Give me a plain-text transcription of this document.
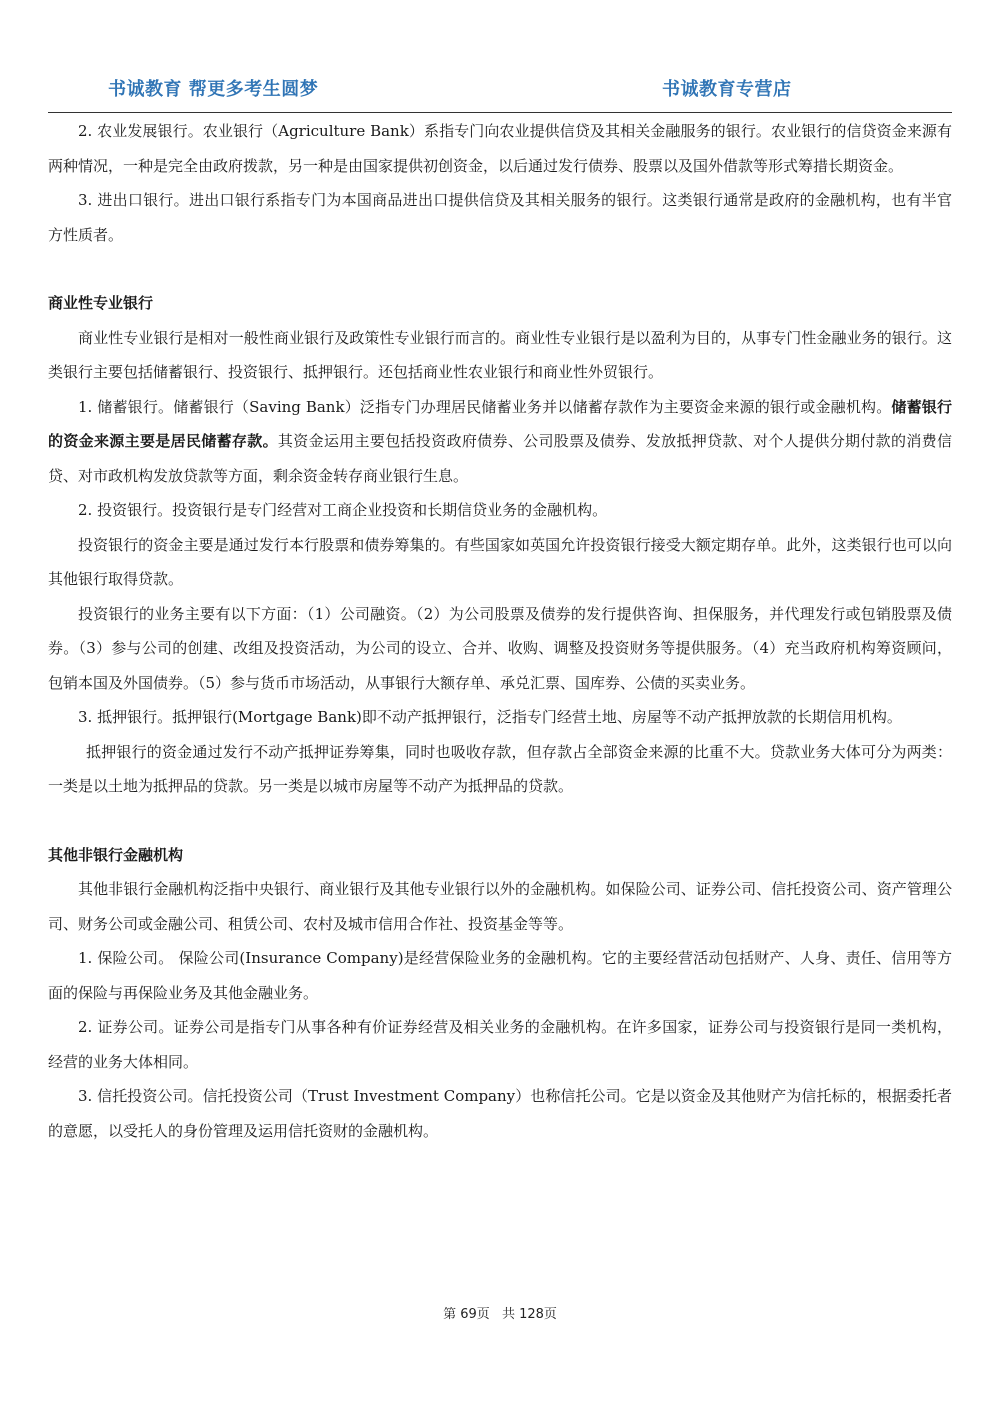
书诚教育 帮更多考生圆梦	书诚教育专营店

2. 农业发展银行。农业银行（Agriculture Bank）系指专门向农业提供信贷及其相关金融服务的银行。农业银行的信贷资金来源有两种情况，一种是完全由政府拨款，另一种是由国家提供初创资金，以后通过发行债券、股票以及国外借款等形式筹措长期资金。

3. 进出口银行。进出口银行系指专门为本国商品进出口提供信贷及其相关服务的银行。这类银行通常是政府的金融机构，也有半官方性质者。

商业性专业银行

商业性专业银行是相对一般性商业银行及政策性专业银行而言的。商业性专业银行是以盈利为目的，从事专门性金融业务的银行。这类银行主要包括储蓄银行、投资银行、抵押银行。还包括商业性农业银行和商业性外贸银行。

1. 储蓄银行。储蓄银行（Saving Bank）泛指专门办理居民储蓄业务并以储蓄存款作为主要资金来源的银行或金融机构。储蓄银行的资金来源主要是居民储蓄存款。其资金运用主要包括投资政府债券、公司股票及债券、发放抵押贷款、对个人提供分期付款的消费信贷、对市政机构发放贷款等方面，剩余资金转存商业银行生息。

2. 投资银行。投资银行是专门经营对工商企业投资和长期信贷业务的金融机构。

投资银行的资金主要是通过发行本行股票和债券筹集的。有些国家如英国允许投资银行接受大额定期存单。此外，这类银行也可以向其他银行取得贷款。

投资银行的业务主要有以下方面：（1）公司融资。（2）为公司股票及债券的发行提供咨询、担保服务，并代理发行或包销股票及债券。（3）参与公司的创建、改组及投资活动，为公司的设立、合并、收购、调整及投资财务等提供服务。（4）充当政府机构筹资顾问，包销本国及外国债券。（5）参与货币市场活动，从事银行大额存单、承兑汇票、国库券、公债的买卖业务。

3. 抵押银行。抵押银行(Mortgage Bank)即不动产抵押银行，泛指专门经营土地、房屋等不动产抵押放款的长期信用机构。

抵押银行的资金通过发行不动产抵押证券筹集，同时也吸收存款，但存款占全部资金来源的比重不大。贷款业务大体可分为两类：一类是以土地为抵押品的贷款。另一类是以城市房屋等不动产为抵押品的贷款。

其他非银行金融机构

其他非银行金融机构泛指中央银行、商业银行及其他专业银行以外的金融机构。如保险公司、证券公司、信托投资公司、资产管理公司、财务公司或金融公司、租赁公司、农村及城市信用合作社、投资基金等等。

1. 保险公司。 保险公司(Insurance Company)是经营保险业务的金融机构。它的主要经营活动包括财产、人身、责任、信用等方面的保险与再保险业务及其他金融业务。

2. 证券公司。证券公司是指专门从事各种有价证券经营及相关业务的金融机构。在许多国家，证券公司与投资银行是同一类机构，经营的业务大体相同。

3. 信托投资公司。信托投资公司（Trust Investment Company）也称信托公司。它是以资金及其他财产为信托标的，根据委托者的意愿，以受托人的身份管理及运用信托资财的金融机构。

第 69页 共 128页
